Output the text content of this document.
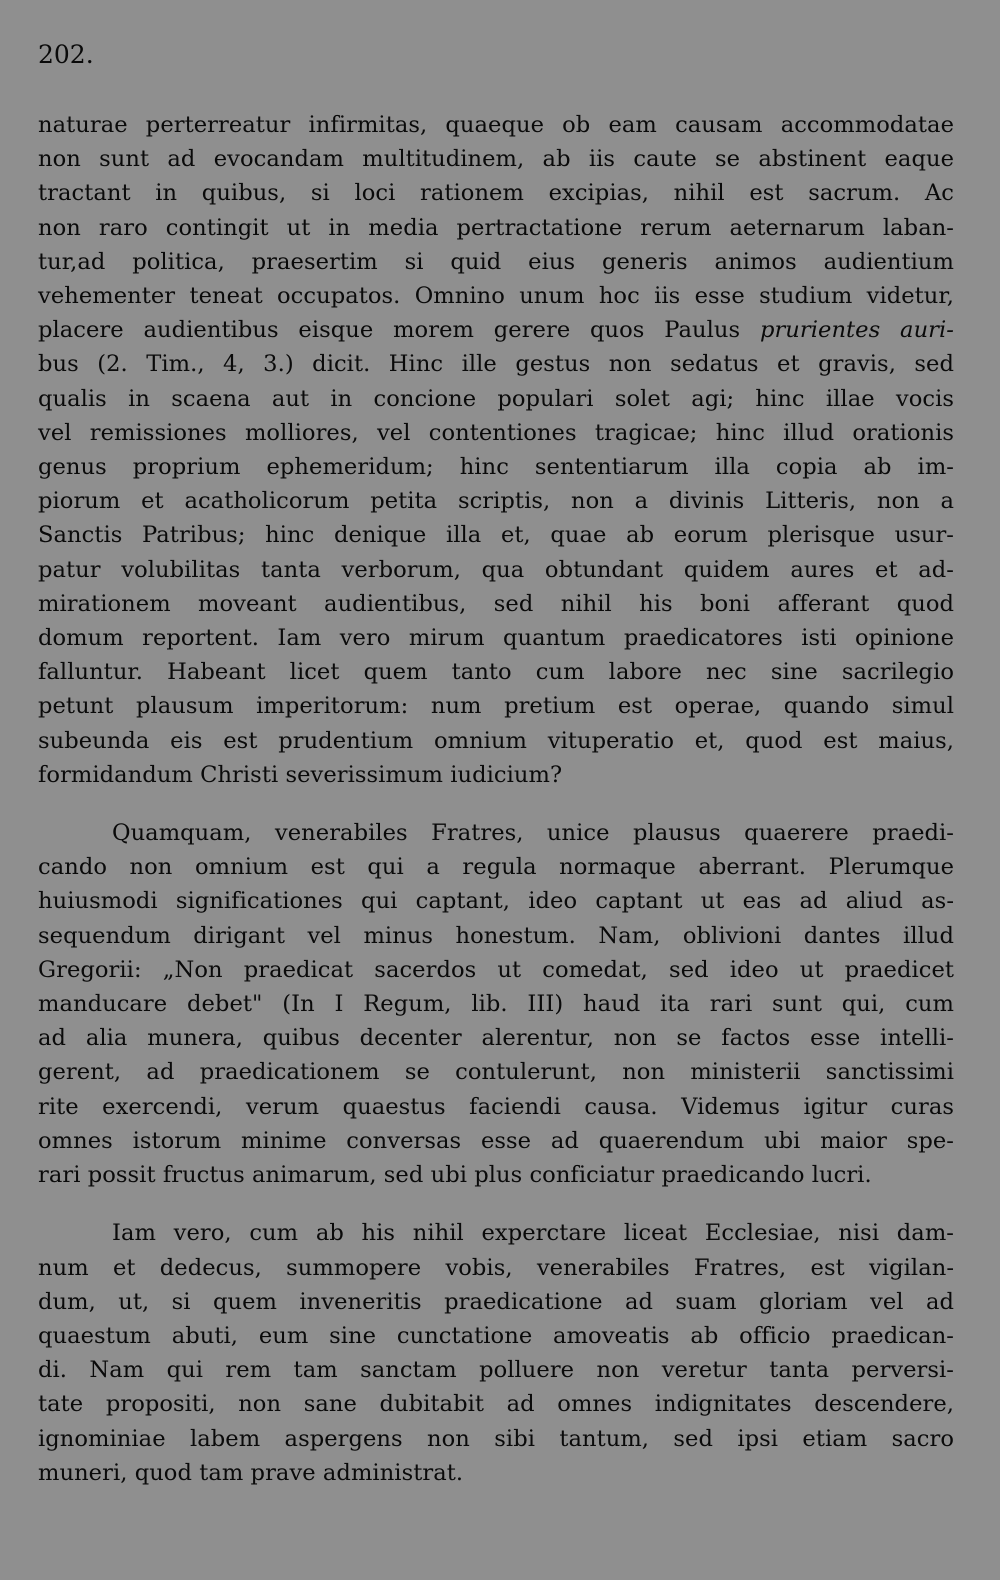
202.

naturae perterreatur infirmitas, quaeque ob eam causam accommodatae
non sunt ad evocandam multitudinem, ab iis caute se abstinent eaque
tractant in quibus, si loci rationem excipias, nihil est sacrum. Ac
non raro contingit ut in media pertractatione rerum aeternarum laban-
tur,ad politica, praesertim si quid eius generis animos audientium
vehementer teneat occupatos. Omnino unum hoc iis esse studium videtur,
placere audientibus eisque morem gerere quos Paulus prurientes auri-
bus (2. Tim., 4, 3.) dicit. Hinc ille gestus non sedatus et gravis, sed
qualis in scaena aut in concione populari solet agi; hinc illae vocis
vel remissiones molliores, vel contentiones tragicae; hinc illud orationis
genus proprium ephemeridum; hinc sententiarum illa copia ab im-
piorum et acatholicorum petita scriptis, non a divinis Litteris, non a
Sanctis Patribus; hinc denique illa et, quae ab eorum plerisque usur-
patur volubilitas tanta verborum, qua obtundant quidem aures et ad-
mirationem moveant audientibus, sed nihil his boni afferant quod
domum reportent. Iam vero mirum quantum praedicatores isti opinione
falluntur. Habeant licet quem tanto cum labore nec sine sacrilegio
petunt plausum imperitorum: num pretium est operae, quando simul
subeunda eis est prudentium omnium vituperatio et, quod est maius,
formidandum Christi severissimum iudicium?

Quamquam, venerabiles Fratres, unice plausus quaerere praedi-
cando non omnium est qui a regula normaque aberrant. Plerumque
huiusmodi significationes qui captant, ideo captant ut eas ad aliud as-
sequendum dirigant vel minus honestum. Nam, oblivioni dantes illud
Gregorii: „Non praedicat sacerdos ut comedat, sed ideo ut praedicet
manducare debet" (In I Regum, lib. III) haud ita rari sunt qui, cum
ad alia munera, quibus decenter alerentur, non se factos esse intelli-
gerent, ad praedicationem se contulerunt, non ministerii sanctissimi
rite exercendi, verum quaestus faciendi causa. Videmus igitur curas
omnes istorum minime conversas esse ad quaerendum ubi maior spe-
rari possit fructus animarum, sed ubi plus conficiatur praedicando lucri.

Iam vero, cum ab his nihil experctare liceat Ecclesiae, nisi dam-
num et dedecus, summopere vobis, venerabiles Fratres, est vigilan-
dum, ut, si quem inveneritis praedicatione ad suam gloriam vel ad
quaestum abuti, eum sine cunctatione amoveatis ab officio praedican-
di. Nam qui rem tam sanctam polluere non veretur tanta perversi-
tate propositi, non sane dubitabit ad omnes indignitates descendere,
ignominiae labem aspergens non sibi tantum, sed ipsi etiam sacro
muneri, quod tam prave administrat.
